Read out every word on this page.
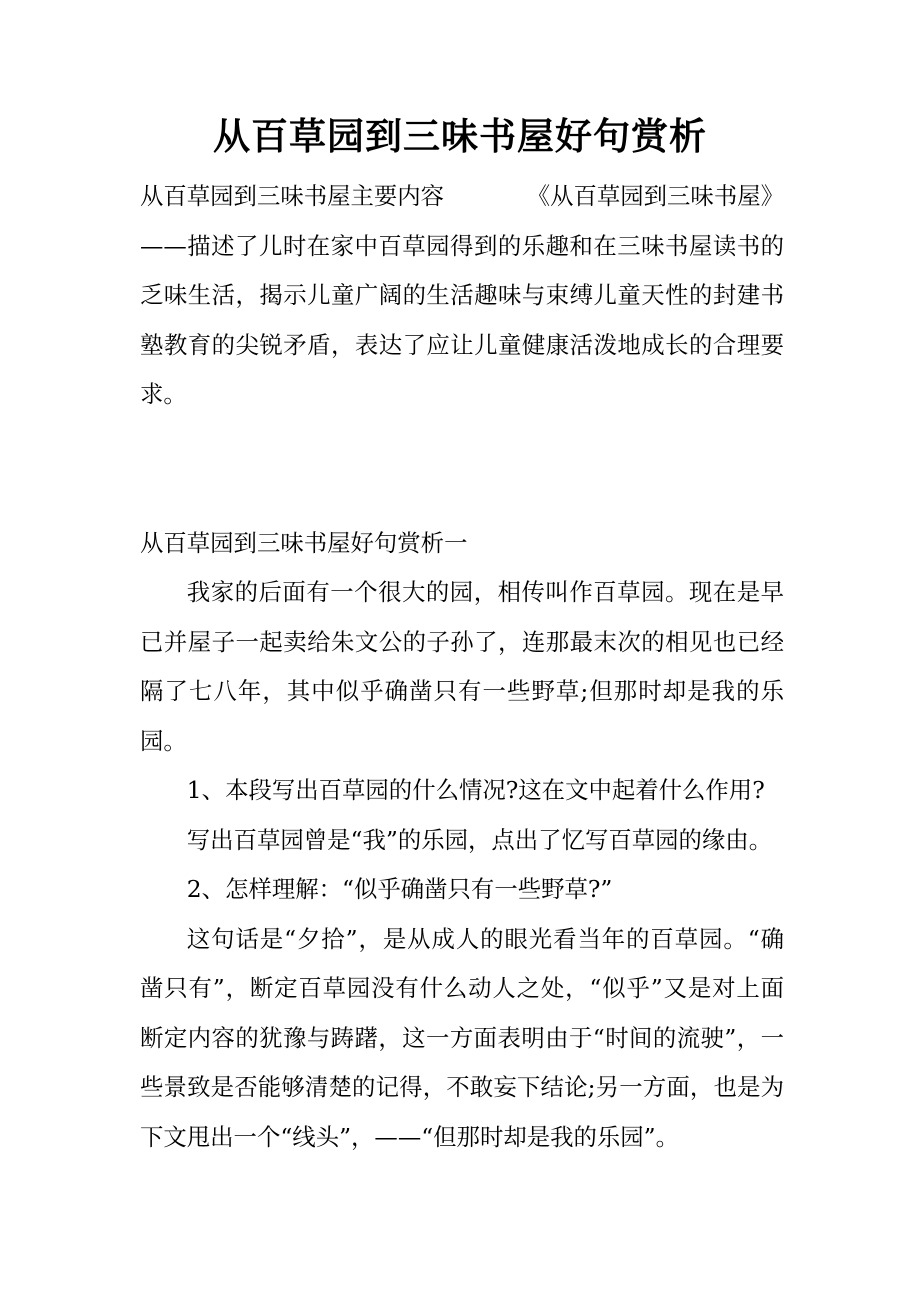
从百草园到三味书屋好句赏析

从百草园到三味书屋主要内容	《从百草园到三味书屋》

——描述了儿时在家中百草园得到的乐趣和在三味书屋读书的乏味生活，揭示儿童广阔的生活趣味与束缚儿童天性的封建书塾教育的尖锐矛盾，表达了应让儿童健康活泼地成长的合理要求。

从百草园到三味书屋好句赏析一

我家的后面有一个很大的园，相传叫作百草园。现在是早已并屋子一起卖给朱文公的子孙了，连那最末次的相见也已经隔了七八年，其中似乎确凿只有一些野草;但那时却是我的乐园。

1、本段写出百草园的什么情况?这在文中起着什么作用?

写出百草园曾是“我”的乐园，点出了忆写百草园的缘由。

2、怎样理解：“似乎确凿只有一些野草?”

这句话是“夕拾”，是从成人的眼光看当年的百草园。“确凿只有”，断定百草园没有什么动人之处，“似乎”又是对上面断定内容的犹豫与踌躇，这一方面表明由于“时间的流驶”，一些景致是否能够清楚的记得，不敢妄下结论;另一方面，也是为下文甩出一个“线头”，——“但那时却是我的乐园”。
